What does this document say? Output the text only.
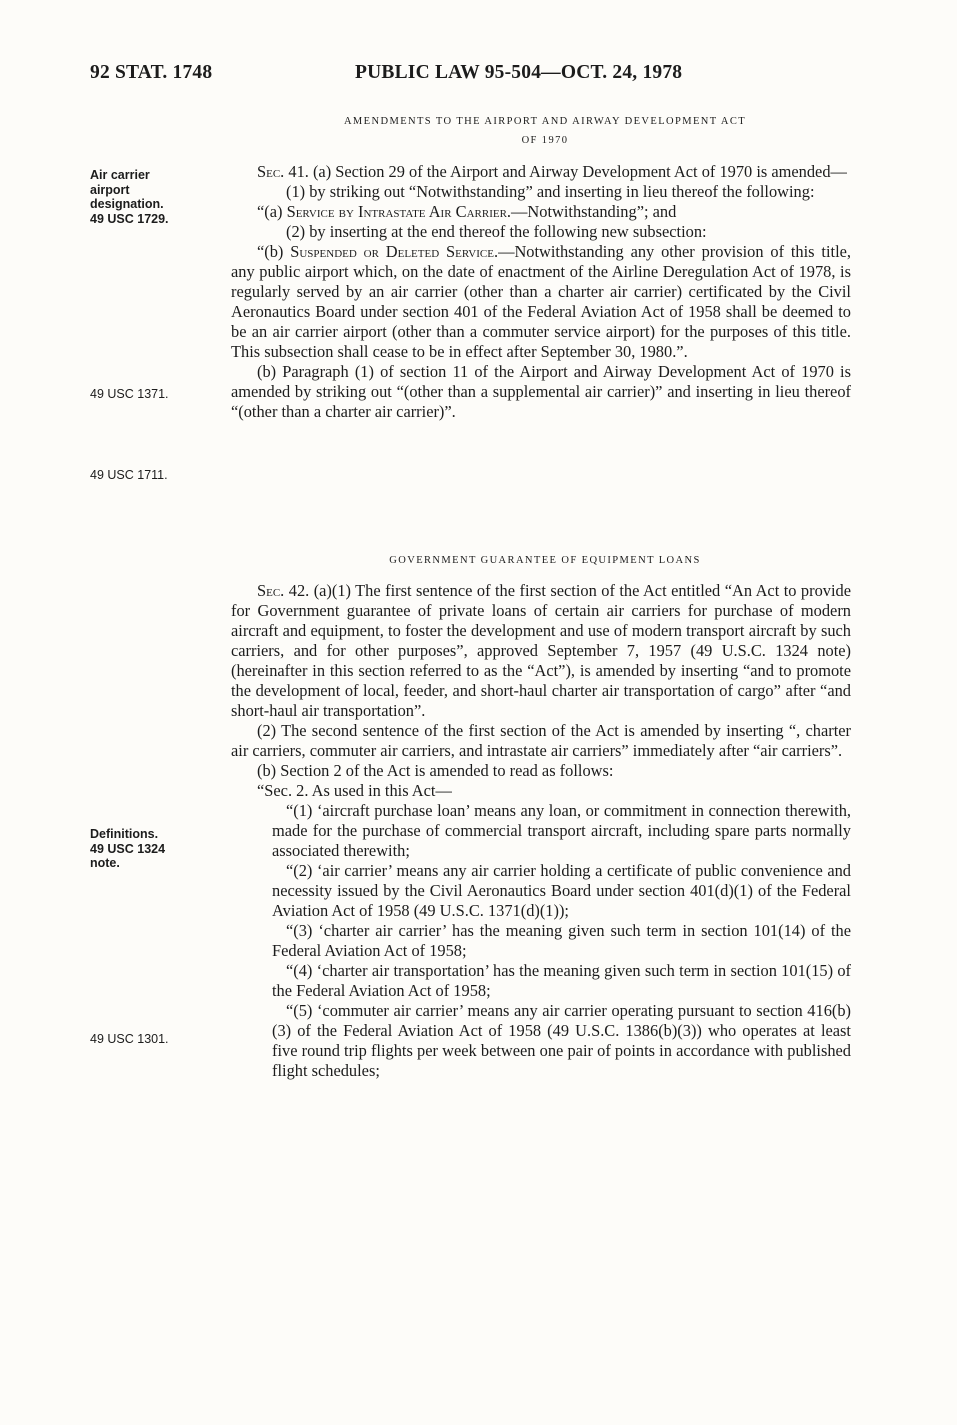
92 STAT. 1748	PUBLIC LAW 95-504—OCT. 24, 1978
Air carrier
airport
designation.
49 USC 1729.
49 USC 1371.
49 USC 1711.
Definitions.
49 USC 1324
note.
49 USC 1301.
AMENDMENTS TO THE AIRPORT AND AIRWAY DEVELOPMENT ACT
OF 1970

Sec. 41. (a) Section 29 of the Airport and Airway Development Act of 1970 is amended—

(1) by striking out “Notwithstanding” and inserting in lieu thereof the following:

“(a) Service by Intrastate Air Carrier.—Notwithstanding”; and

(2) by inserting at the end thereof the following new subsection:

“(b) Suspended or Deleted Service.—Notwithstanding any other provision of this title, any public airport which, on the date of enactment of the Airline Deregulation Act of 1978, is regularly served by an air carrier (other than a charter air carrier) certificated by the Civil Aeronautics Board under section 401 of the Federal Aviation Act of 1958 shall be deemed to be an air carrier airport (other than a commuter service airport) for the purposes of this title. This subsection shall cease to be in effect after September 30, 1980.”.

(b) Paragraph (1) of section 11 of the Airport and Airway Development Act of 1970 is amended by striking out “(other than a supplemental air carrier)” and inserting in lieu thereof “(other than a charter air carrier)”.

GOVERNMENT GUARANTEE OF EQUIPMENT LOANS

Sec. 42. (a)(1) The first sentence of the first section of the Act entitled “An Act to provide for Government guarantee of private loans of certain air carriers for purchase of modern aircraft and equipment, to foster the development and use of modern transport aircraft by such carriers, and for other purposes”, approved September 7, 1957 (49 U.S.C. 1324 note) (hereinafter in this section referred to as the “Act”), is amended by inserting “and to promote the development of local, feeder, and short-haul charter air transportation of cargo” after “and short-haul air transportation”.

(2) The second sentence of the first section of the Act is amended by inserting “, charter air carriers, commuter air carriers, and intrastate air carriers” immediately after “air carriers”.

(b) Section 2 of the Act is amended to read as follows:

“Sec. 2. As used in this Act—

“(1) ‘aircraft purchase loan’ means any loan, or commitment in connection therewith, made for the purchase of commercial transport aircraft, including spare parts normally associated therewith;

“(2) ‘air carrier’ means any air carrier holding a certificate of public convenience and necessity issued by the Civil Aeronautics Board under section 401(d)(1) of the Federal Aviation Act of 1958 (49 U.S.C. 1371(d)(1));

“(3) ‘charter air carrier’ has the meaning given such term in section 101(14) of the Federal Aviation Act of 1958;

“(4) ‘charter air transportation’ has the meaning given such term in section 101(15) of the Federal Aviation Act of 1958;

“(5) ‘commuter air carrier’ means any air carrier operating pursuant to section 416(b)(3) of the Federal Aviation Act of 1958 (49 U.S.C. 1386(b)(3)) who operates at least five round trip flights per week between one pair of points in accordance with published flight schedules;
